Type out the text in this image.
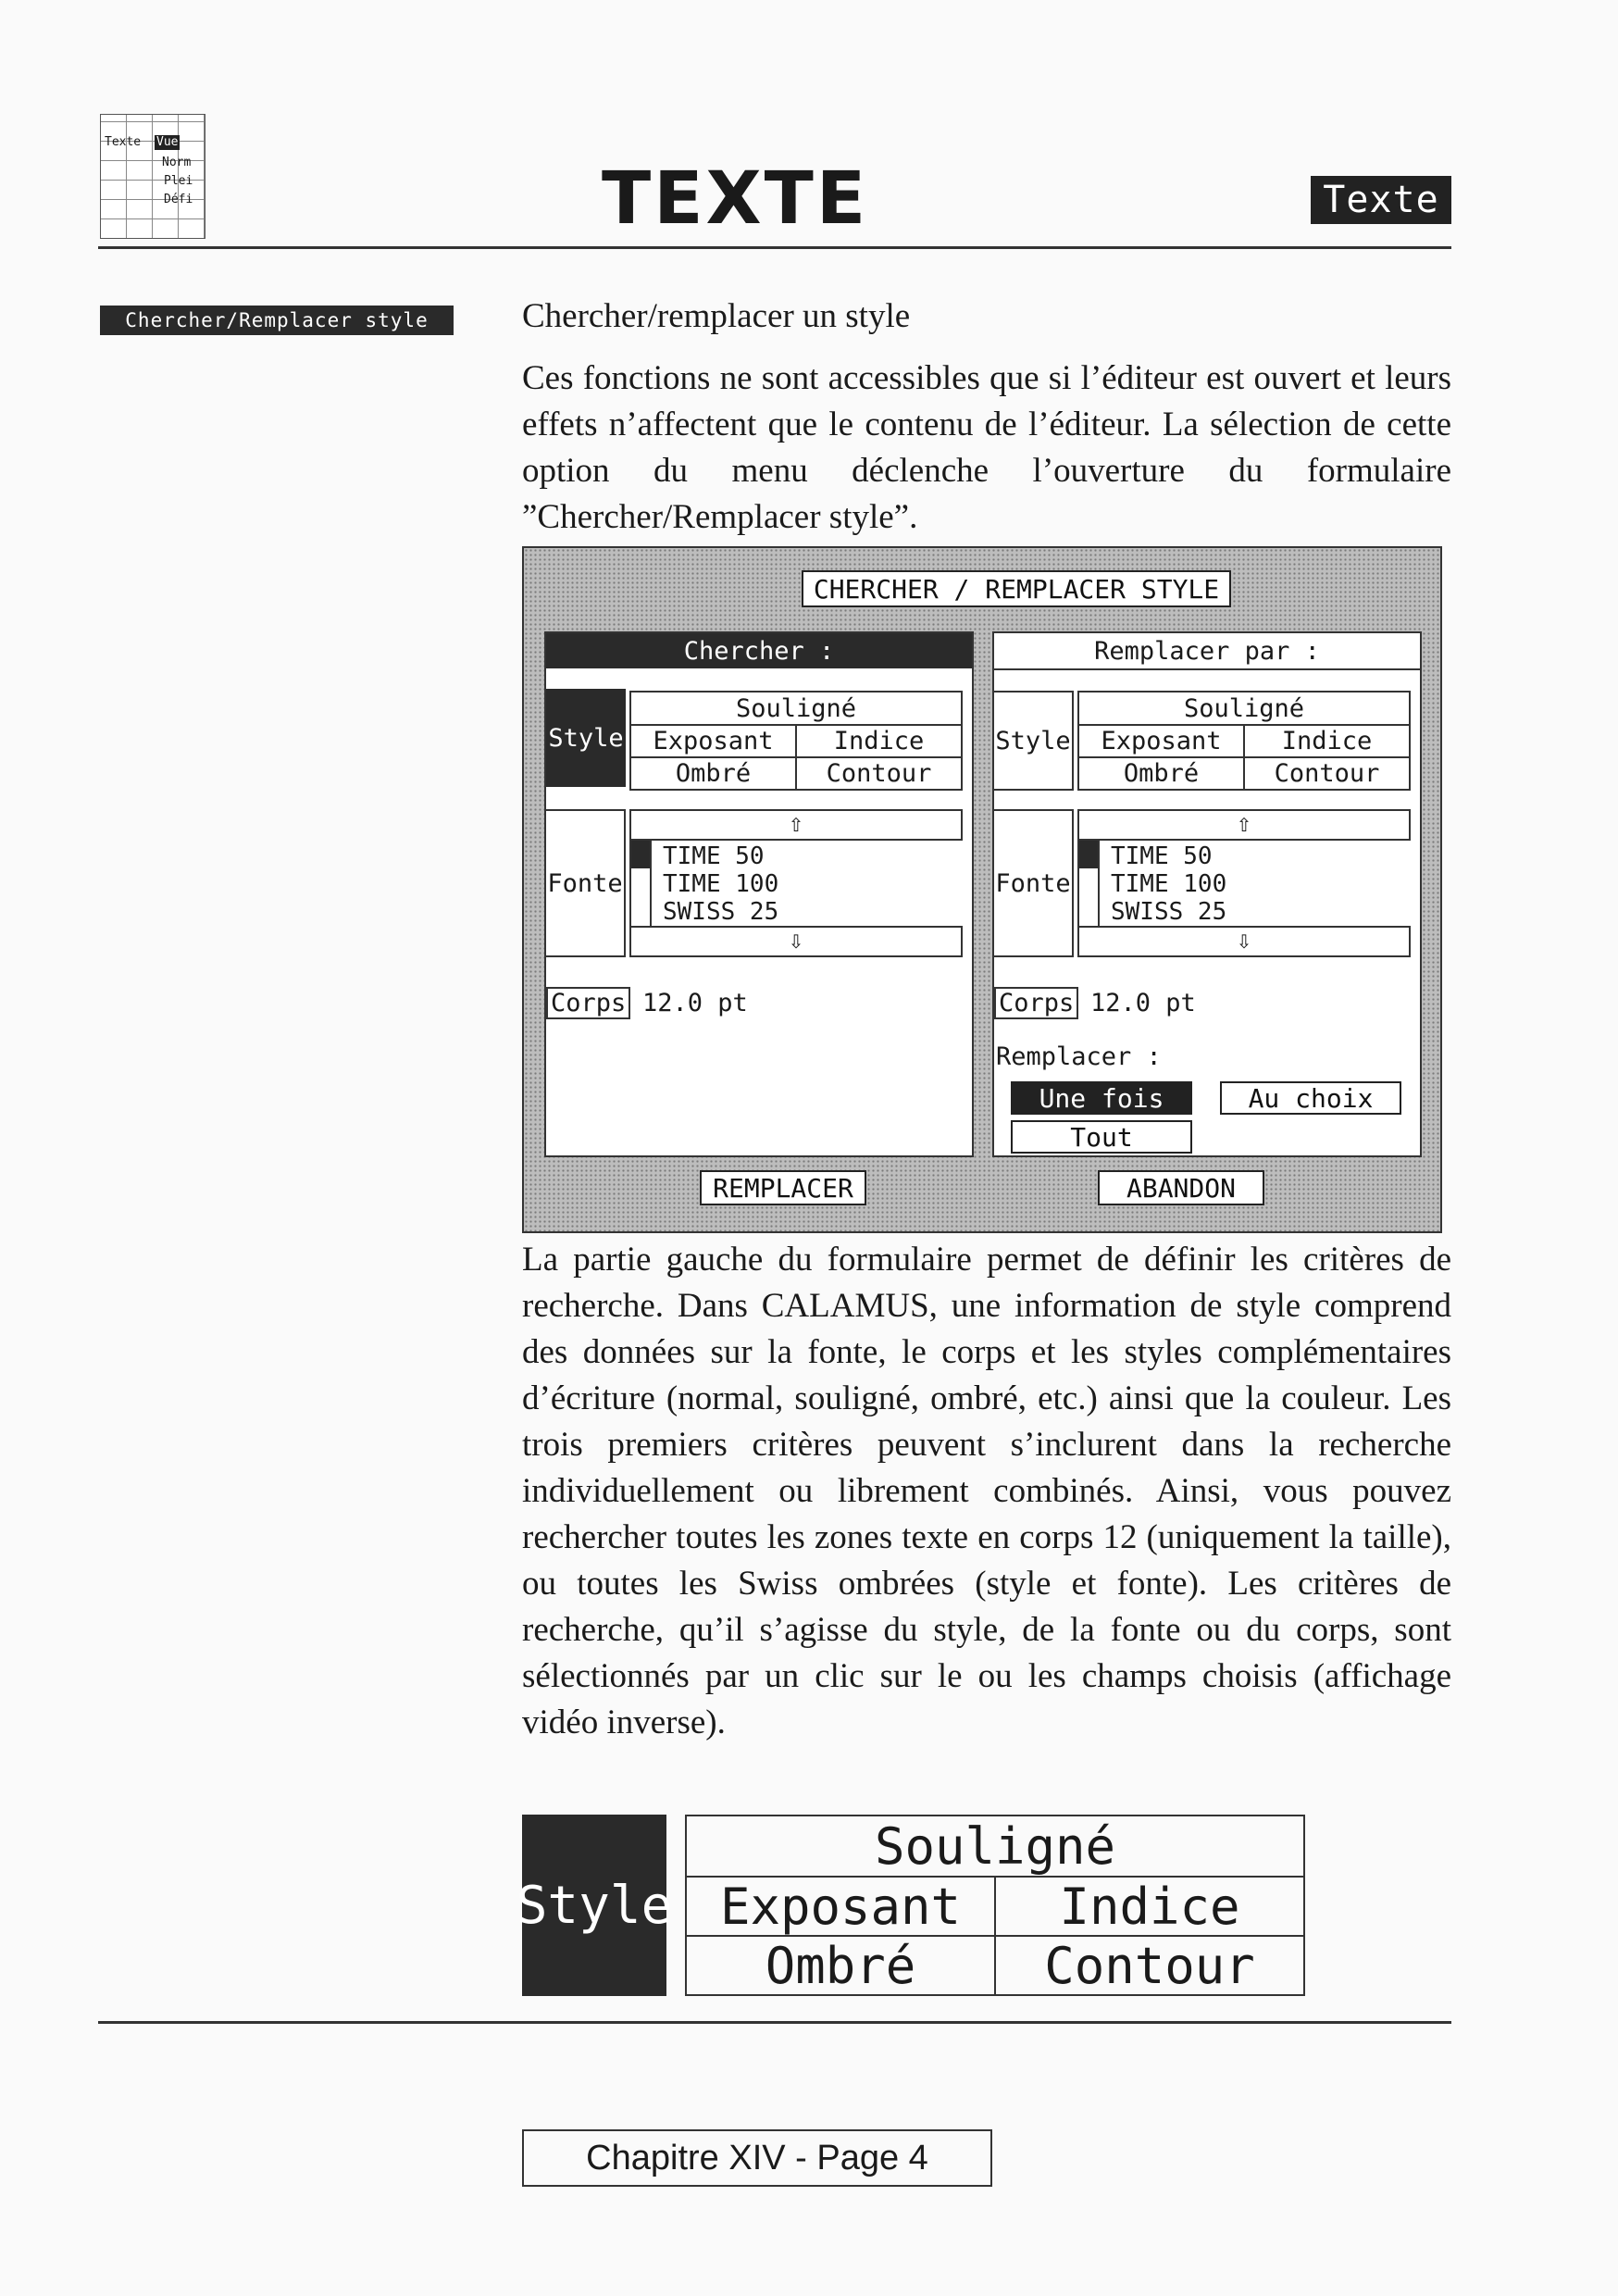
Texte Vue
Norm
Plei
Défi	TEXTE	Texte
Chercher/Remplacer style	Chercher/remplacer un style

Ces fonctions ne sont accessibles que si l’éditeur est ouvert et leurs effets n’affectent que le contenu de l’éditeur. La sélection de cette option du menu déclenche l’ouverture du formulaire ”Chercher/Remplacer style”.

CHERCHER / REMPLACER STYLE
Chercher :
Style
Souligné
Exposant	Indice
Ombré	Contour
Fonte
⇧
⇩
TIME 50
TIME 100
SWISS 25
Corps 12.0 pt
Remplacer par :
Style
Souligné
Exposant	Indice
Ombré	Contour
Fonte
⇧
⇩
TIME 50
TIME 100
SWISS 25
Corps 12.0 pt
Remplacer :
Une fois	Au choix
Tout
REMPLACER	ABANDON

La partie gauche du formulaire permet de définir les critères de recherche. Dans CALAMUS, une information de style comprend des données sur la fonte, le corps et les styles complémentaires d’écriture (normal, souligné, ombré, etc.) ainsi que la couleur. Les trois premiers critères peuvent s’inclurent dans la recherche individuellement ou librement combinés. Ainsi, vous pouvez rechercher toutes les zones texte en corps 12 (uniquement la taille), ou toutes les Swiss ombrées (style et fonte). Les critères de recherche, qu’il s’agisse du style, de la fonte ou du corps, sont sélectionnés par un clic sur le ou les champs choisis (affichage vidéo inverse).

Style
Souligné
Exposant	Indice
Ombré	Contour
Chapitre XIV - Page 4
